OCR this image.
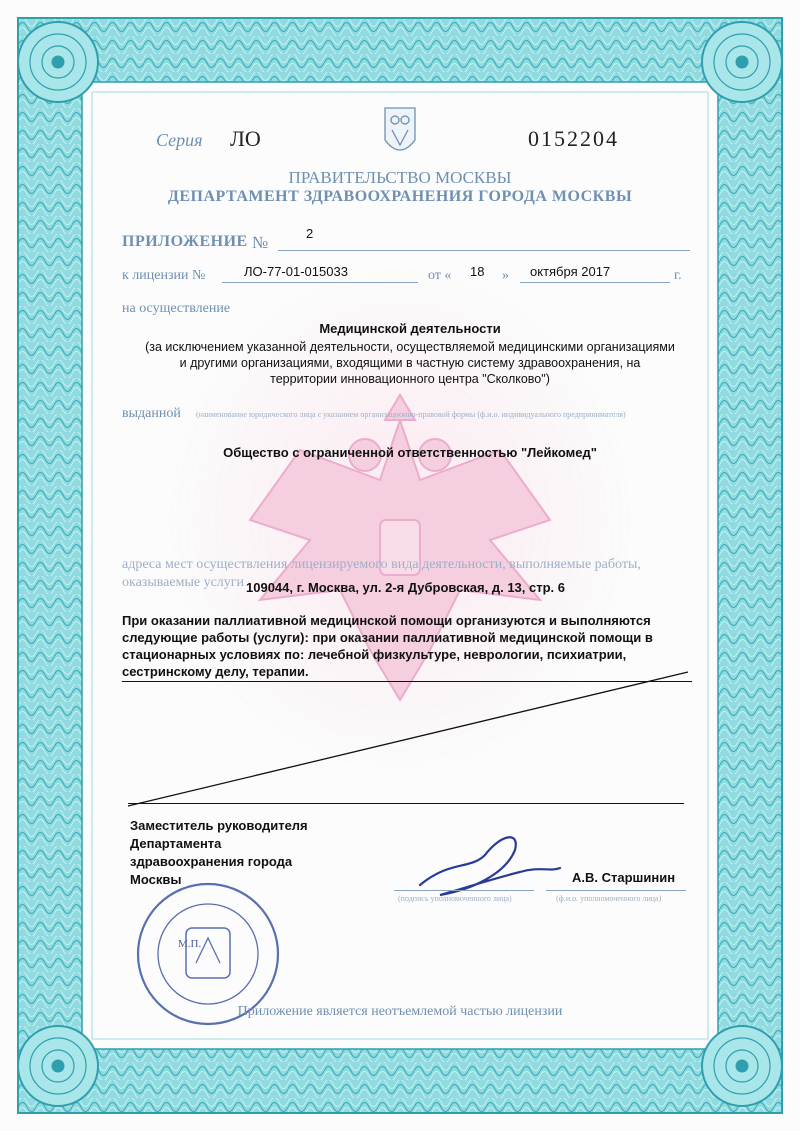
Серия ЛО	0152204
ПРАВИТЕЛЬСТВО МОСКВЫ
ДЕПАРТАМЕНТ ЗДРАВООХРАНЕНИЯ ГОРОДА МОСКВЫ
ПРИЛОЖЕНИЕ №	2
к лицензии №	ЛО-77-01-015033	от « 18 » октября 2017	г.
на осуществление
Медицинской деятельности
(за исключением указанной деятельности, осуществляемой медицинскими организациями
и другими организациями, входящими в частную систему здравоохранения, на
территории инновационного центра "Сколково")
выданной (наименование юридического лица с указанием организационно-правовой формы (ф.и.о. индивидуального предпринимателя)
Общество с ограниченной ответственностью "Лейкомед"
адреса мест осуществления лицензируемого вида деятельности, выполняемые работы,
оказываемые услуги 109044, г. Москва, ул. 2-я Дубровская, д. 13, стр. 6
При оказании паллиативной медицинской помощи организуются и выполняются
следующие работы (услуги): при оказании паллиативной медицинской помощи в
стационарных условиях по: лечебной физкультуре, неврологии, психиатрии,
сестринскому делу, терапии.
Заместитель руководителя
Департамента
здравоохранения города
Москвы	А.В. Старшинин
(подпись уполномоченного лица)	(ф.и.о. уполномоченного лица)
М.П.
Приложение является неотъемлемой частью лицензии
